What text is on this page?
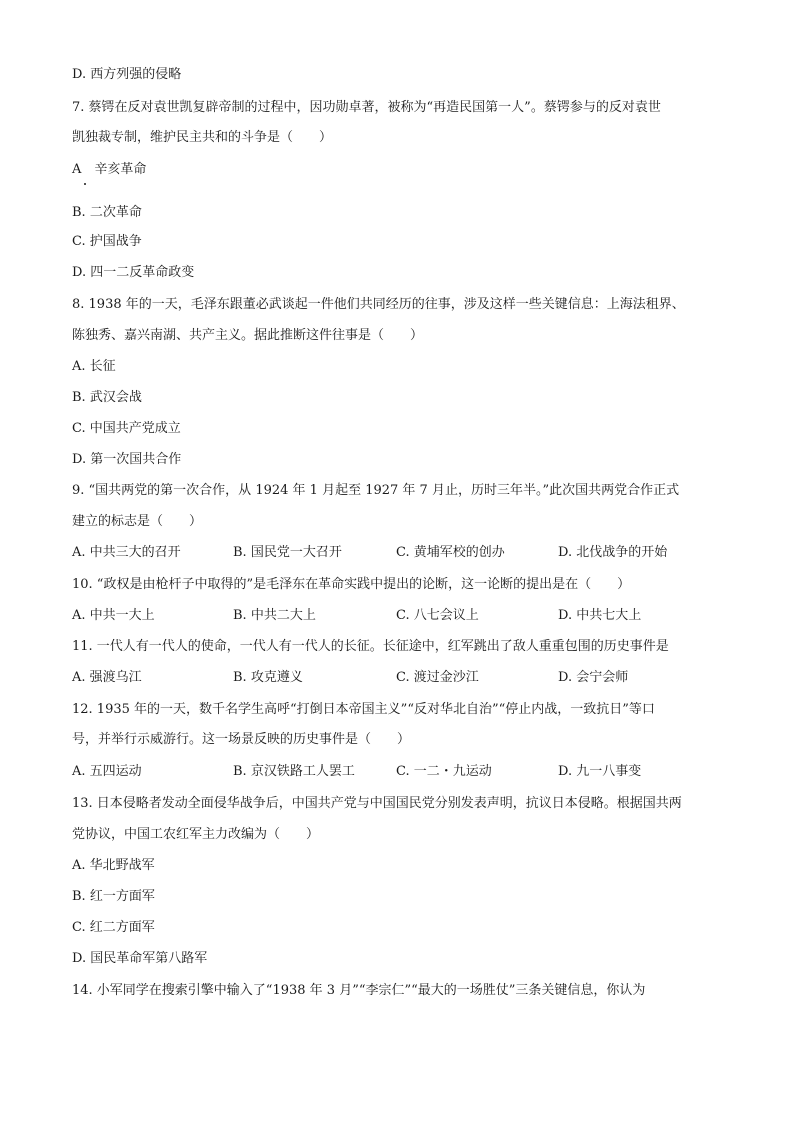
D. 西方列强的侵略
7. 蔡锷在反对袁世凯复辟帝制的过程中，因功勋卓著，被称为“再造民国第一人”。蔡锷参与的反对袁世
凯独裁专制，维护民主共和的斗争是（　　）
A　辛亥革命
B. 二次革命
C. 护国战争
D. 四一二反革命政变
8. 1938 年的一天，毛泽东跟董必武谈起一件他们共同经历的往事，涉及这样一些关键信息：上海法租界、
陈独秀、嘉兴南湖、共产主义。据此推断这件往事是（　　）
A. 长征
B. 武汉会战
C. 中国共产党成立
D. 第一次国共合作
9. “国共两党的第一次合作，从 1924 年 1 月起至 1927 年 7 月止，历时三年半。”此次国共两党合作正式
建立的标志是（　　）
A. 中共三大的召开	B. 国民党一大召开	C. 黄埔军校的创办	D. 北伐战争的开始
10. “政权是由枪杆子中取得的”是毛泽东在革命实践中提出的论断，这一论断的提出是在（　　）
A. 中共一大上	B. 中共二大上	C. 八七会议上	D. 中共七大上
11. 一代人有一代人的使命，一代人有一代人的长征。长征途中，红军跳出了敌人重重包围的历史事件是
A. 强渡乌江	B. 攻克遵义	C. 渡过金沙江	D. 会宁会师
12. 1935 年的一天，数千名学生高呼“打倒日本帝国主义”“反对华北自治”“停止内战，一致抗日”等口
号，并举行示威游行。这一场景反映的历史事件是（　　）
A. 五四运动	B. 京汉铁路工人罢工	C. 一二・九运动	D. 九一八事变
13. 日本侵略者发动全面侵华战争后，中国共产党与中国国民党分别发表声明，抗议日本侵略。根据国共两
党协议，中国工农红军主力改编为（　　）
A. 华北野战军
B. 红一方面军
C. 红二方面军
D. 国民革命军第八路军
14. 小军同学在搜索引擎中输入了“1938 年 3 月”“李宗仁”“最大的一场胜仗”三条关键信息，你认为
